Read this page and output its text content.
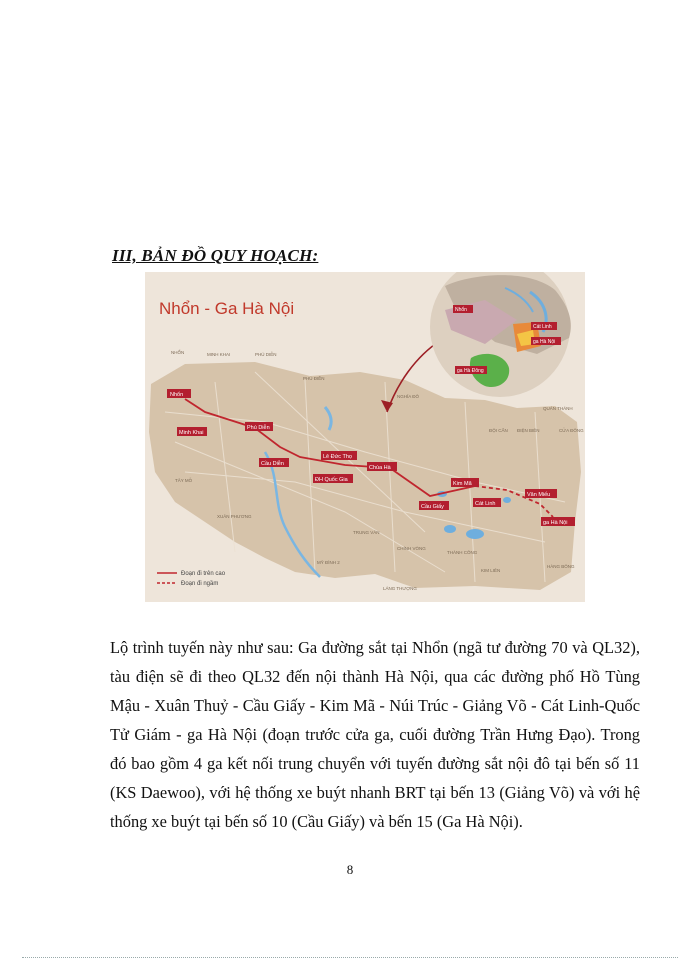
III, BẢN ĐỒ QUY HOẠCH:
Nhổn - Ga Hà Nội
NHỔN	MINH KHAI	PHÚ DIỄN
PHÚ ĐIỀN
NGHĨA ĐÔ
TÂY MỖ
XUÂN PHƯƠNG
MỸ ĐÌNH 2
TRUNG VĂN
CHÍNH VÒNG
LÁNG THƯỢNG
THÀNH CÔNG
ĐỘI CẤN ĐIỆN BIÊN	CỬA ĐÔNG
QUÁN THÁNH
HÀNG BÔNG
KIM LIÊN
Nhổn
Minh Khai
Phú Diễn
Cầu Diễn
Lê Đức Thọ
ĐH Quốc Gia
Chùa Hà
Cầu Giấy
Kim Mã
Cát Linh
Văn Miếu
ga Hà Nội
Nhổn
Cát Linh
ga Hà Nội
ga Hà Đông
Đoạn đi trên cao
Đoạn đi ngầm
Lộ trình tuyến này như sau: Ga đường sắt tại Nhổn (ngã tư đường 70 và QL32), tàu điện sẽ đi theo QL32 đến nội thành Hà Nội, qua các đường phố Hồ Tùng Mậu - Xuân Thuỷ - Cầu Giấy - Kim Mã - Núi Trúc - Giảng Võ - Cát Linh-Quốc Tử Giám - ga Hà Nội (đoạn trước cửa ga, cuối đường Trần Hưng Đạo). Trong đó bao gồm 4 ga kết nối trung chuyển với tuyến đường sắt nội đô tại bến số 11 (KS Daewoo), với hệ thống xe buýt nhanh BRT tại bến 13 (Giảng Võ) và với hệ thống xe buýt tại bến số 10 (Cầu Giấy) và bến 15 (Ga Hà Nội).
8
